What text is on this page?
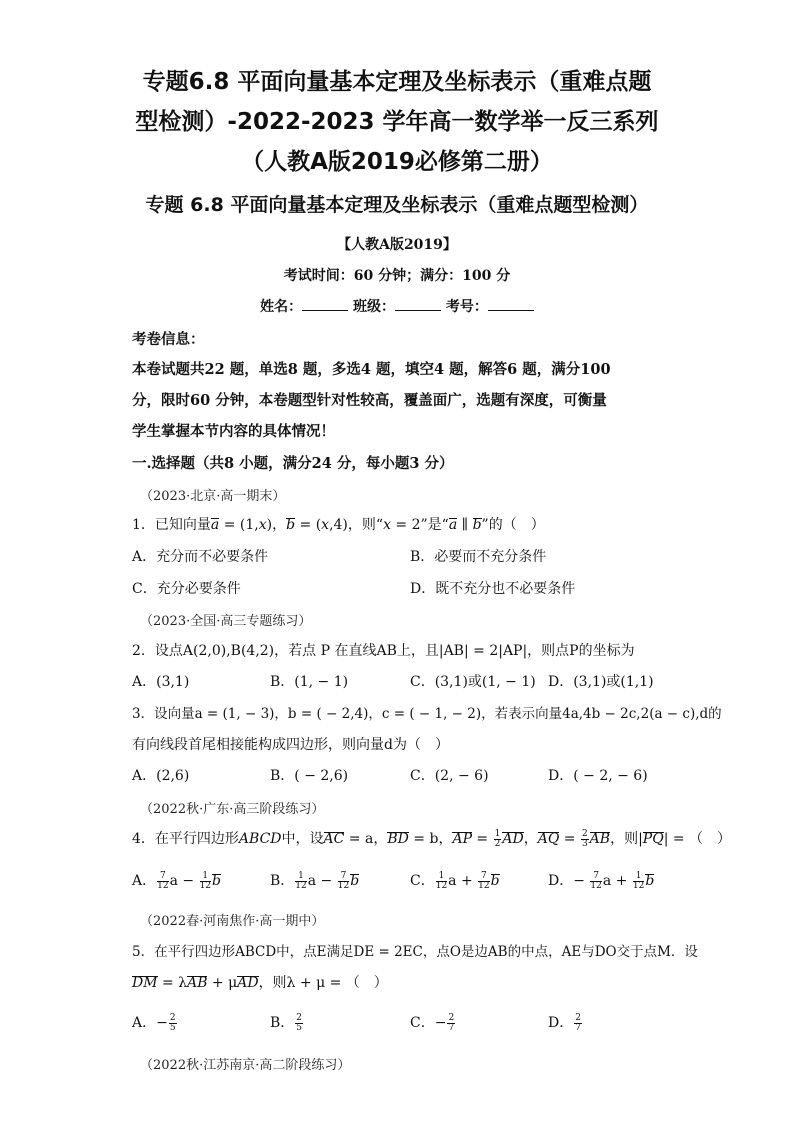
专题6.8 平面向量基本定理及坐标表示（重难点题
型检测）-2022-2023 学年高一数学举一反三系列
（人教A版2019必修第二册）
专题 6.8 平面向量基本定理及坐标表示（重难点题型检测）
【人教A版2019】
考试时间：60 分钟；满分：100 分
姓名：	班级：	考号：
考卷信息：
本卷试题共22 题，单选8 题，多选4 题，填空4 题，解答6 题，满分100
分，限时60 分钟，本卷题型针对性较高，覆盖面广，选题有深度，可衡量
学生掌握本节内容的具体情况！
一.选择题（共8 小题，满分24 分，每小题3 分）
（2023·北京·高一期末）
1．已知向量a = (1,x)，b = (x,4)，则“x = 2”是“a ∥ b”的（　）
A．充分而不必要条件	B．必要而不充分条件
C．充分必要条件	D．既不充分也不必要条件
（2023·全国·高三专题练习）
2．设点A(2,0),B(4,2)，若点 P 在直线AB上，且|AB| = 2|AP|，则点P的坐标为
A．(3,1)	B．(1, − 1)	C．(3,1)或(1, − 1) D．(3,1)或(1,1)
3．设向量a = (1, − 3)，b = ( − 2,4)，c = ( − 1, − 2)，若表示向量4a,4b − 2c,2(a − c),d的
有向线段首尾相接能构成四边形，则向量d为（　）
A．(2,6)	B．( − 2,6)	C．(2, − 6)	D．( − 2, − 6)
（2022秋·广东·高三阶段练习）
4．在平行四边形ABCD中，设AC = a，BD = b，AP = $\frac{1}{2}$ AD，AQ = $\frac{2}{3}$ AB，则|PQ| = （　）
A． $\frac{7}{12}$ $a - \frac{1}{12}$ b	B． $\frac{1}{12}$ $a - \frac{7}{12}$ b	C． $\frac{1}{12}$ $a + \frac{7}{12}$ b	D．− $\frac{7}{12}$ $a + \frac{1}{12}$ b
（2022春·河南焦作·高一期中）
5．在平行四边形ABCD中，点E满足DE = 2EC，点O是边AB的中点，AE与DO交于点M．设
DM = λAB + μAD，则λ + μ = （　）
A．− $\frac{2}{5}$	B． $\frac{2}{5}$	C．− $\frac{2}{7}$	D． $\frac{2}{7}$
（2022秋·江苏南京·高二阶段练习）
